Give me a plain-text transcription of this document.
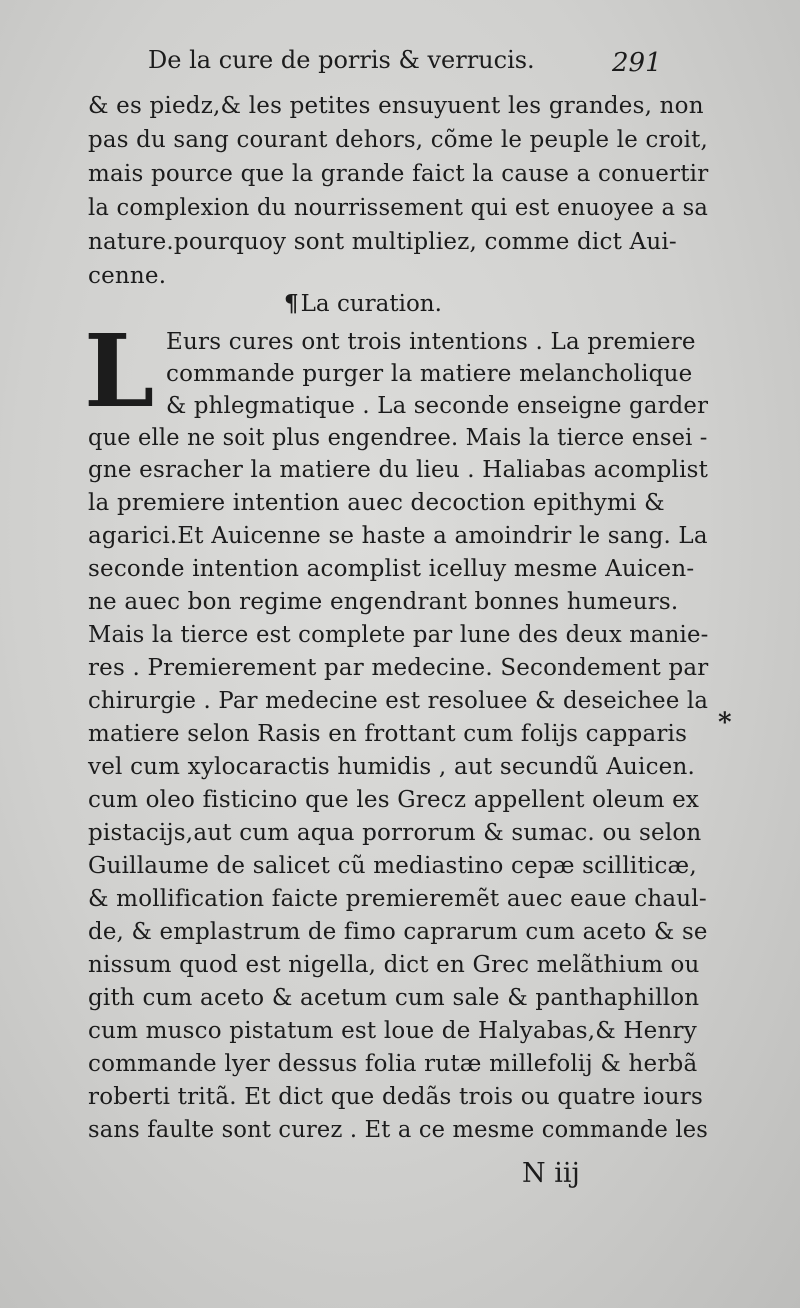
De la cure de porris & verrucis.	291
& es piedz,& les petites ensuyuent les grandes, non
pas du sang courant dehors, cõme le peuple le croit,
mais pource que la grande faict la cause a conuertir
la complexion du nourrissement qui est enuoyee a sa
nature.pourquoy sont multipliez, comme dict Aui-
cenne.
¶La curation.
L Eurs cures ont trois intentions . La premiere
commande purger la matiere melancholique
& phlegmatique . La seconde enseigne garder
que elle ne soit plus engendree. Mais la tierce ensei -
gne esracher la matiere du lieu . Haliabas acomplist
la premiere intention auec decoction epithymi &
agarici.Et Auicenne se haste a amoindrir le sang. La
seconde intention acomplist icelluy mesme Auicen-
ne auec bon regime engendrant bonnes humeurs.
Mais la tierce est complete par lune des deux manie-
res . Premierement par medecine. Secondement par
chirurgie . Par medecine est resoluee & deseichee la
matiere selon Rasis en frottant cum folijs capparis
vel cum xylocaractis humidis , aut secundũ Auicen.
cum oleo fisticino que les Grecz appellent oleum ex
pistacijs,aut cum aqua porrorum & sumac. ou selon
Guillaume de salicet cũ mediastino cepæ scilliticæ,
& mollification faicte premieremẽt auec eaue chaul-
de, & emplastrum de fimo caprarum cum aceto & se
nissum quod est nigella, dict en Grec melãthium ou
gith cum aceto & acetum cum sale & panthaphillon
cum musco pistatum est loue de Halyabas,& Henry
commande lyer dessus folia rutæ millefolij & herbã
roberti tritã. Et dict que dedãs trois ou quatre iours
sans faulte sont curez . Et a ce mesme commande les
N iij
*
